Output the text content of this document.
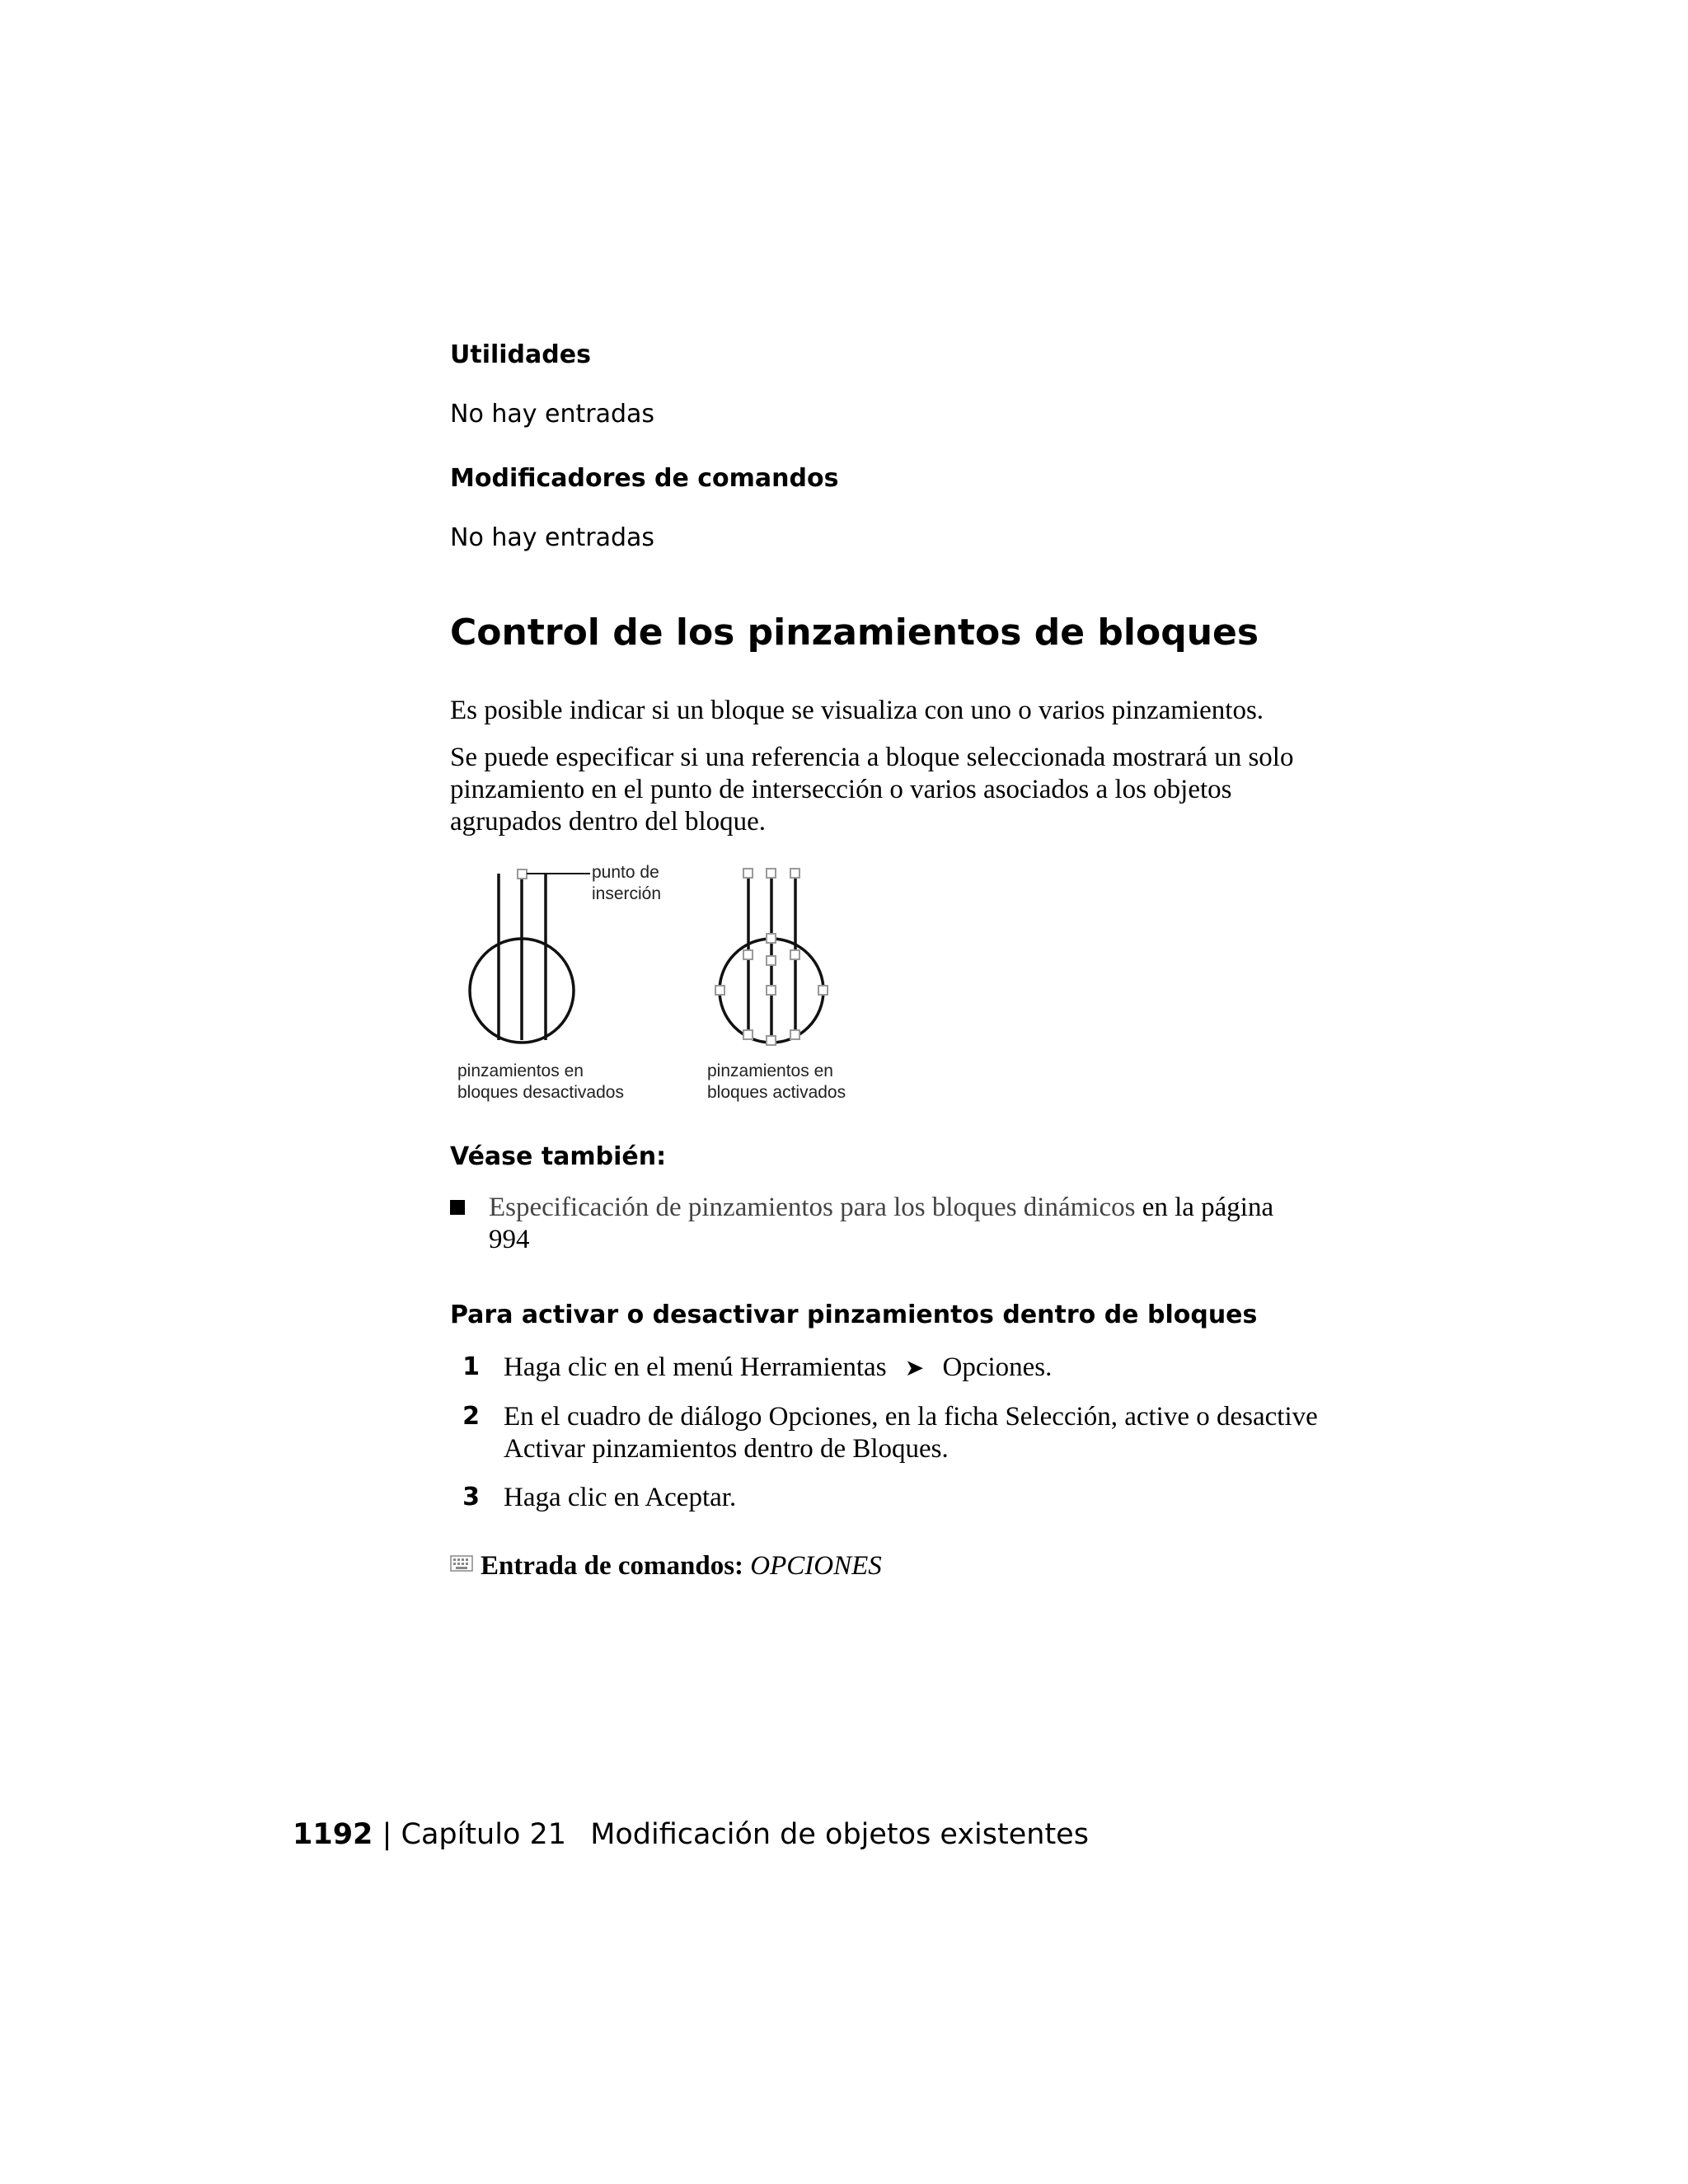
Utilidades
No hay entradas
Modificadores de comandos
No hay entradas
Control de los pinzamientos de bloques
Es posible indicar si un bloque se visualiza con uno o varios pinzamientos.
Se puede especificar si una referencia a bloque seleccionada mostrará un solo
pinzamiento en el punto de intersección o varios asociados a los objetos
agrupados dentro del bloque.
punto de
inserción
pinzamientos en
bloques desactivados
pinzamientos en
bloques activados
Véase también:
Especificación de pinzamientos para los bloques dinámicos en la página
994
Para activar o desactivar pinzamientos dentro de bloques
1 Haga clic en el menú Herramientas ➤ Opciones.
2 En el cuadro de diálogo Opciones, en la ficha Selección, active o desactive
Activar pinzamientos dentro de Bloques.
3 Haga clic en Aceptar.
Entrada de comandos: OPCIONES
1192 | Capítulo 21 Modificación de objetos existentes
